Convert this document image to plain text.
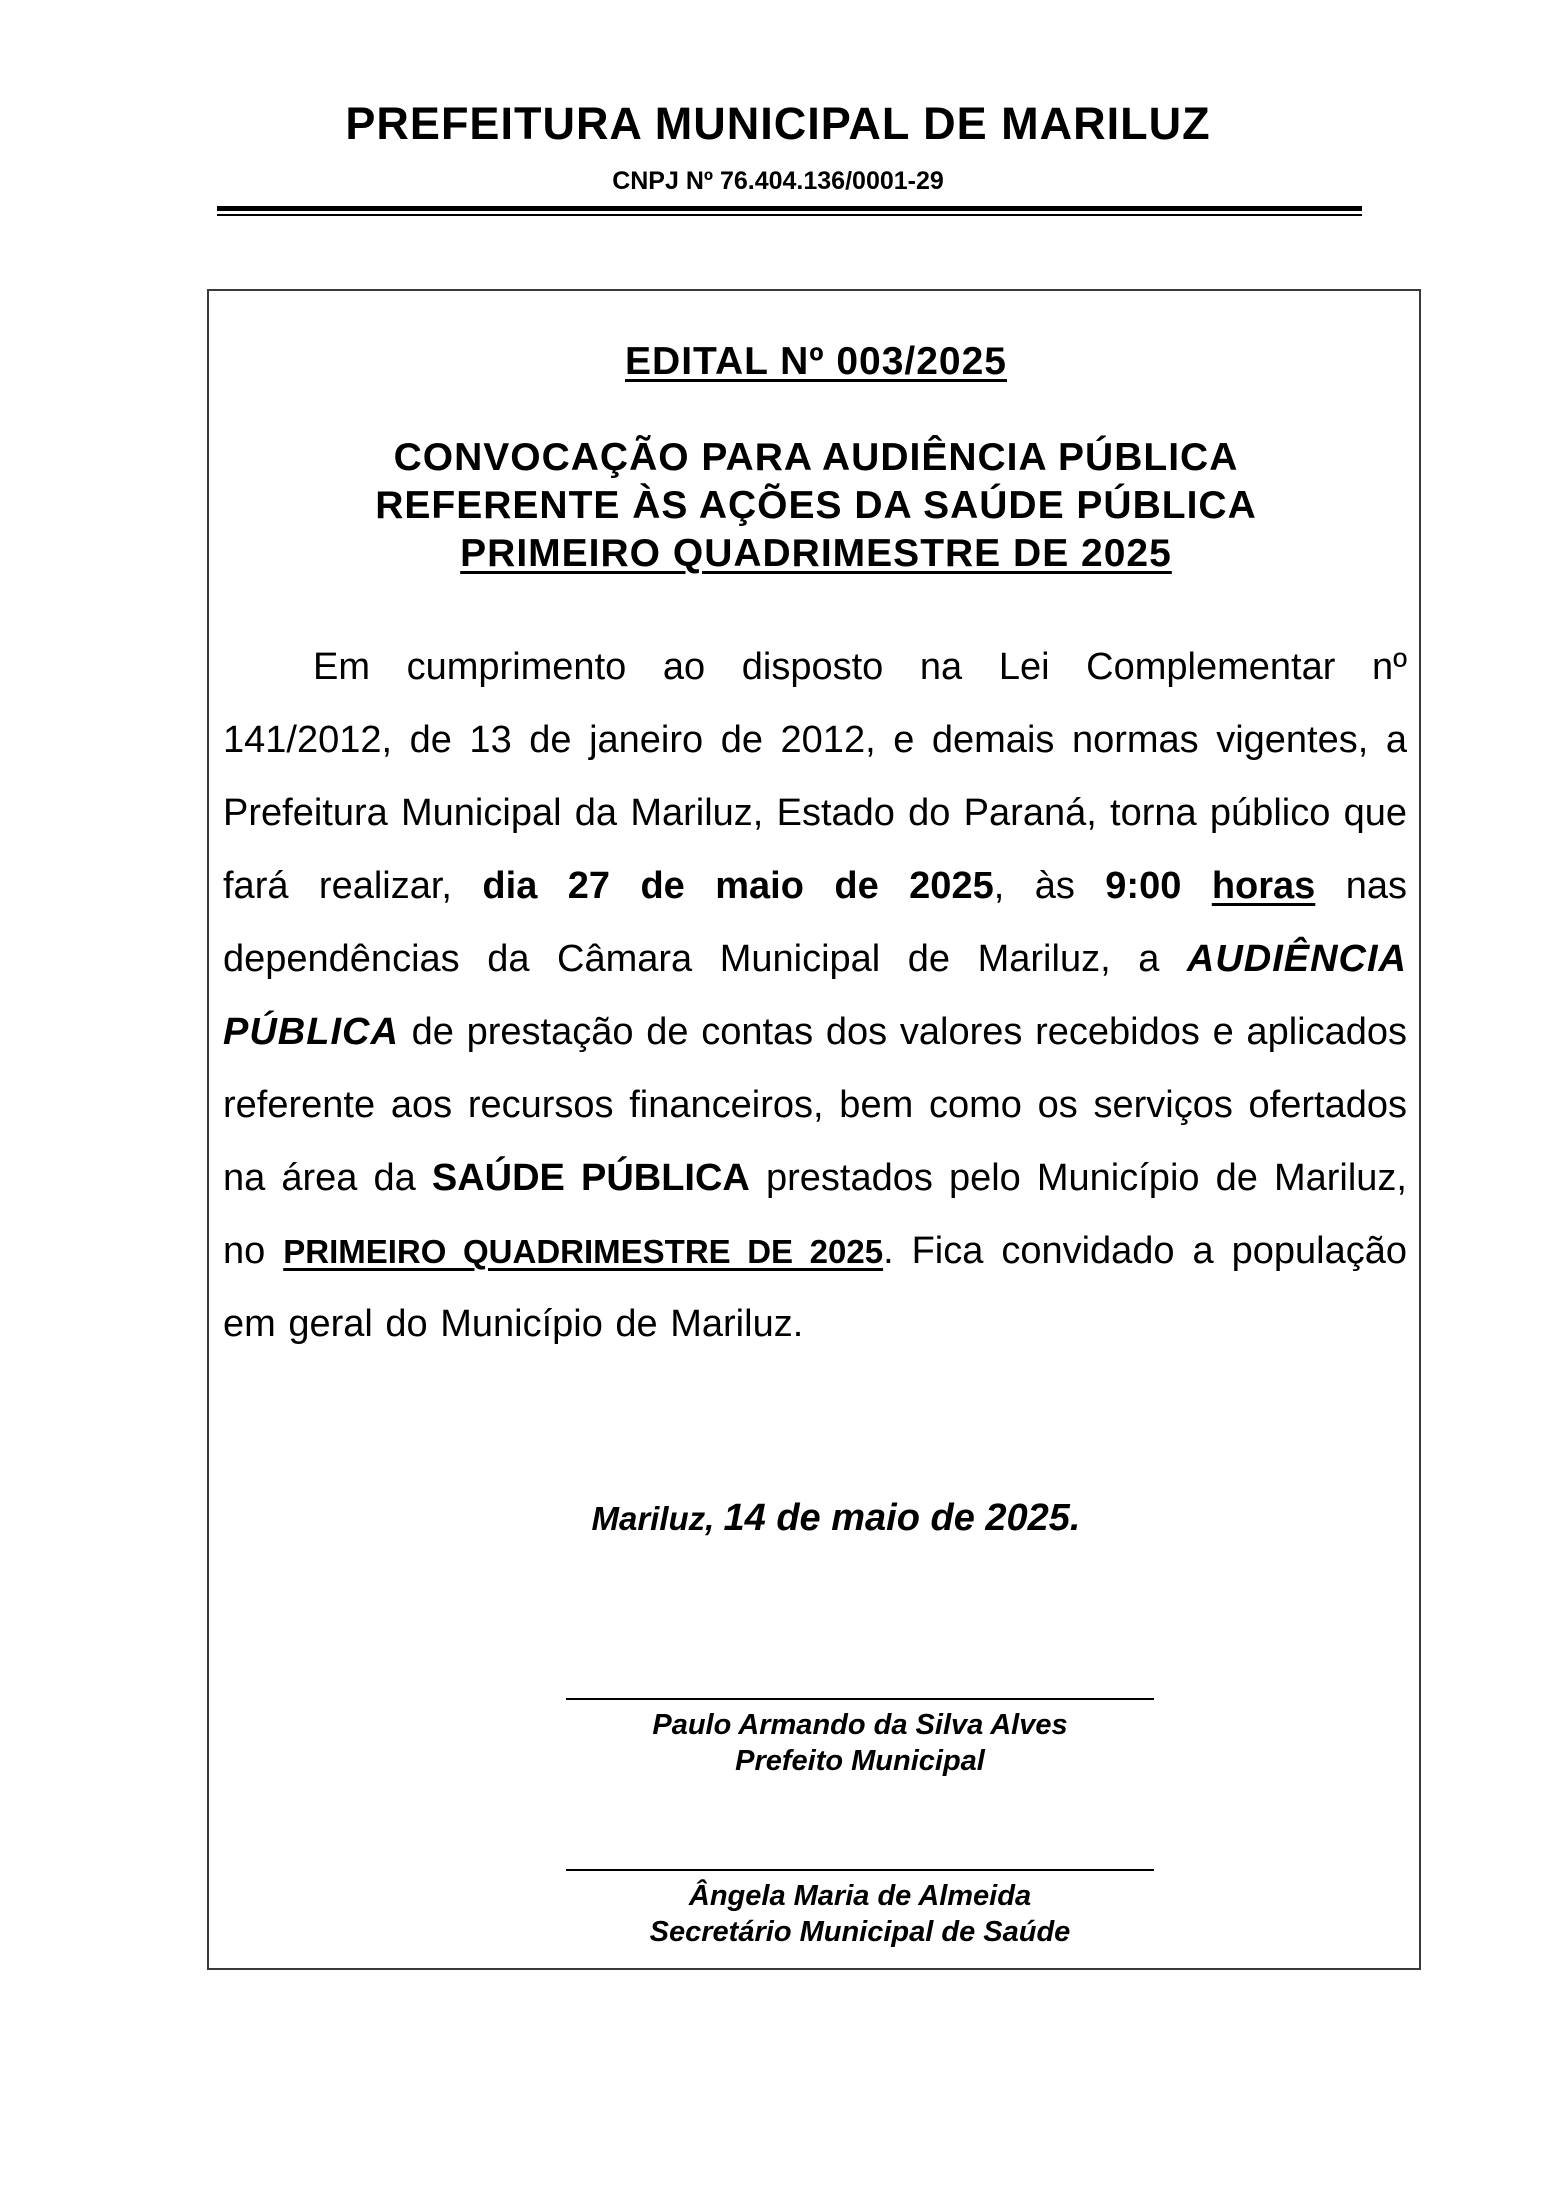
PREFEITURA MUNICIPAL DE MARILUZ
CNPJ Nº 76.404.136/0001-29
EDITAL Nº 003/2025
CONVOCAÇÃO PARA AUDIÊNCIA PÚBLICA
REFERENTE ÀS AÇÕES DA SAÚDE PÚBLICA
PRIMEIRO QUADRIMESTRE DE 2025
Em cumprimento ao disposto na Lei Complementar nº 141/2012, de 13 de janeiro de 2012, e demais normas vigentes, a Prefeitura Municipal da Mariluz, Estado do Paraná, torna público que fará realizar, dia 27 de maio de 2025, às 9:00 horas nas dependências da Câmara Municipal de Mariluz, a AUDIÊNCIA PÚBLICA de prestação de contas dos valores recebidos e aplicados referente aos recursos financeiros, bem como os serviços ofertados na área da SAÚDE PÚBLICA prestados pelo Município de Mariluz, no PRIMEIRO QUADRIMESTRE DE 2025. Fica convidado a população em geral do Município de Mariluz.
Mariluz, 14 de maio de 2025.
Paulo Armando da Silva Alves
Prefeito Municipal
Ângela Maria de Almeida
Secretário Municipal de Saúde
